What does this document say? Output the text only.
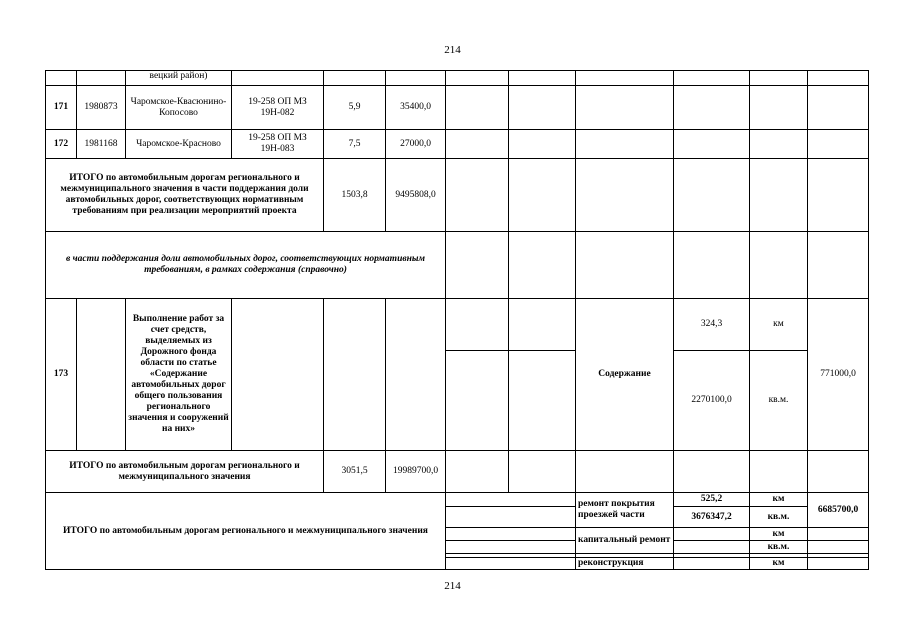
214
		вецкий район)									
171	1980873	Чаромское-Квасюнино-Копосово	19-258 ОП МЗ 19Н-082	5,9	35400,0						
172	1981168	Чаромское-Красново	19-258 ОП МЗ 19Н-083	7,5	27000,0						
ИТОГО по автомобильным дорогам регионального и межмуниципального значения в части поддержания доли автомобильных дорог, соответствующих нормативным требованиям при реализации мероприятий проекта				1503,8	9495808,0						
в части поддержания доли автомобильных дорог, соответствующих нормативным требованиям, в рамках содержания (справочно)											
173		Выполнение работ за счет средств, выделяемых из Дорожного фонда области по статье «Содержание автомобильных дорог общего пользования регионального значения и сооружений на них»						Содержание	324,3	км	771000,0
									2270100,0	кв.м.	
ИТОГО по автомобильным дорогам регионального и межмуниципального значения				3051,5	19989700,0						
ИТОГО по автомобильным дорогам регионального и межмуниципального значения								ремонт покрытия проезжей части	525,2	км	6685700,0
									3676347,2	кв.м.	
								капитальный ремонт		км	
										кв.м.	

								реконструкция		км	
214
